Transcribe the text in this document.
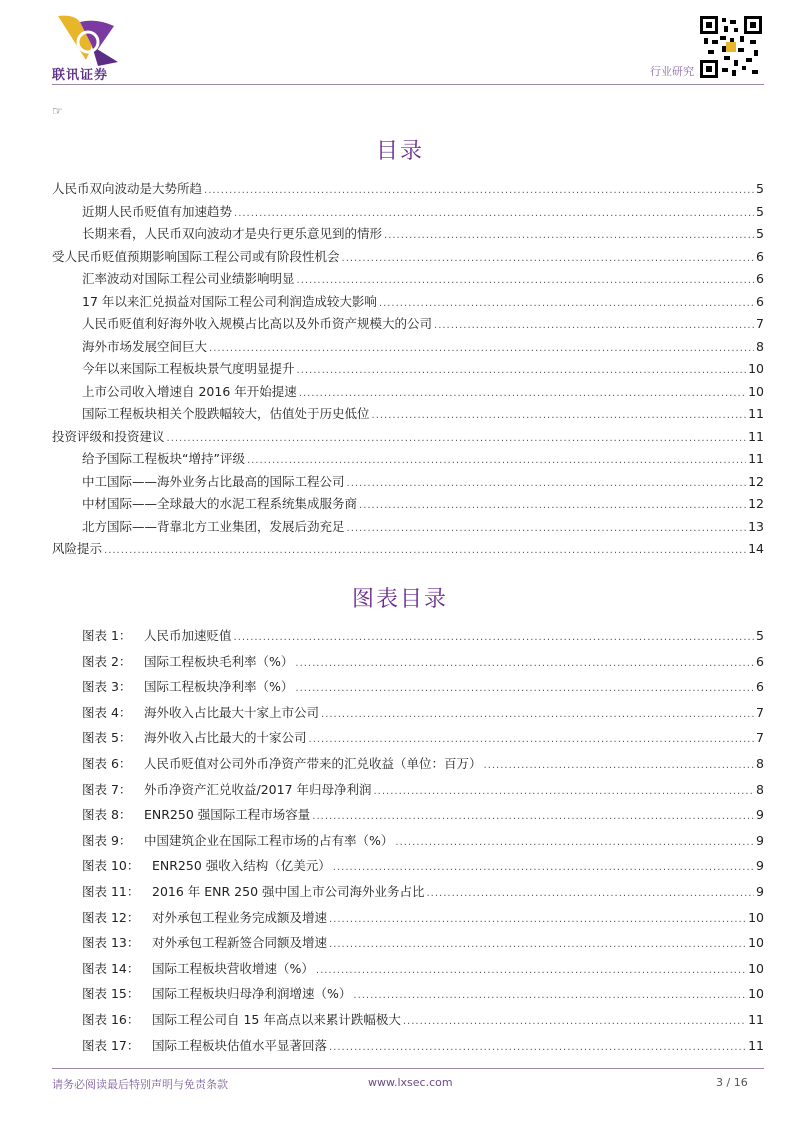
联讯证券	行业研究
☞
目录
人民币双向波动是大势所趋 .....	5
近期人民币贬值有加速趋势 .....	5
长期来看，人民币双向波动才是央行更乐意见到的情形 .....	5
受人民币贬值预期影响国际工程公司或有阶段性机会 .....	6
汇率波动对国际工程公司业绩影响明显 .....	6
17 年以来汇兑损益对国际工程公司利润造成较大影响 .....	6
人民币贬值利好海外收入规模占比高以及外币资产规模大的公司 .....	7
海外市场发展空间巨大 .....	8
今年以来国际工程板块景气度明显提升 .....	10
上市公司收入增速自 2016 年开始提速 .....	10
国际工程板块相关个股跌幅较大，估值处于历史低位 .....	11
投资评级和投资建议 .....	11
给予国际工程板块“增持”评级 .....	11
中工国际——海外业务占比最高的国际工程公司 .....	12
中材国际——全球最大的水泥工程系统集成服务商 .....	12
北方国际——背靠北方工业集团，发展后劲充足 .....	13
风险提示 .....	14
图表目录
图表 1：	人民币加速贬值 .....	5
图表 2：	国际工程板块毛利率（%） .....	6
图表 3：	国际工程板块净利率（%） .....	6
图表 4：	海外收入占比最大十家上市公司 .....	7
图表 5：	海外收入占比最大的十家公司 .....	7
图表 6：	人民币贬值对公司外币净资产带来的汇兑收益（单位：百万） .....	8
图表 7：	外币净资产汇兑收益/2017 年归母净利润 .....	8
图表 8：	ENR250 强国际工程市场容量 .....	9
图表 9：	中国建筑企业在国际工程市场的占有率（%） .....	9
图表 10：	ENR250 强收入结构（亿美元） .....	9
图表 11：	2016 年 ENR 250 强中国上市公司海外业务占比 .....	9
图表 12：	对外承包工程业务完成额及增速 .....	10
图表 13：	对外承包工程新签合同额及增速 .....	10
图表 14：	国际工程板块营收增速（%） .....	10
图表 15：	国际工程板块归母净利润增速（%） .....	10
图表 16：	国际工程公司自 15 年高点以来累计跌幅极大 .....	11
图表 17：	国际工程板块估值水平显著回落 .....	11
请务必阅读最后特别声明与免责条款	www.lxsec.com	3 / 16
